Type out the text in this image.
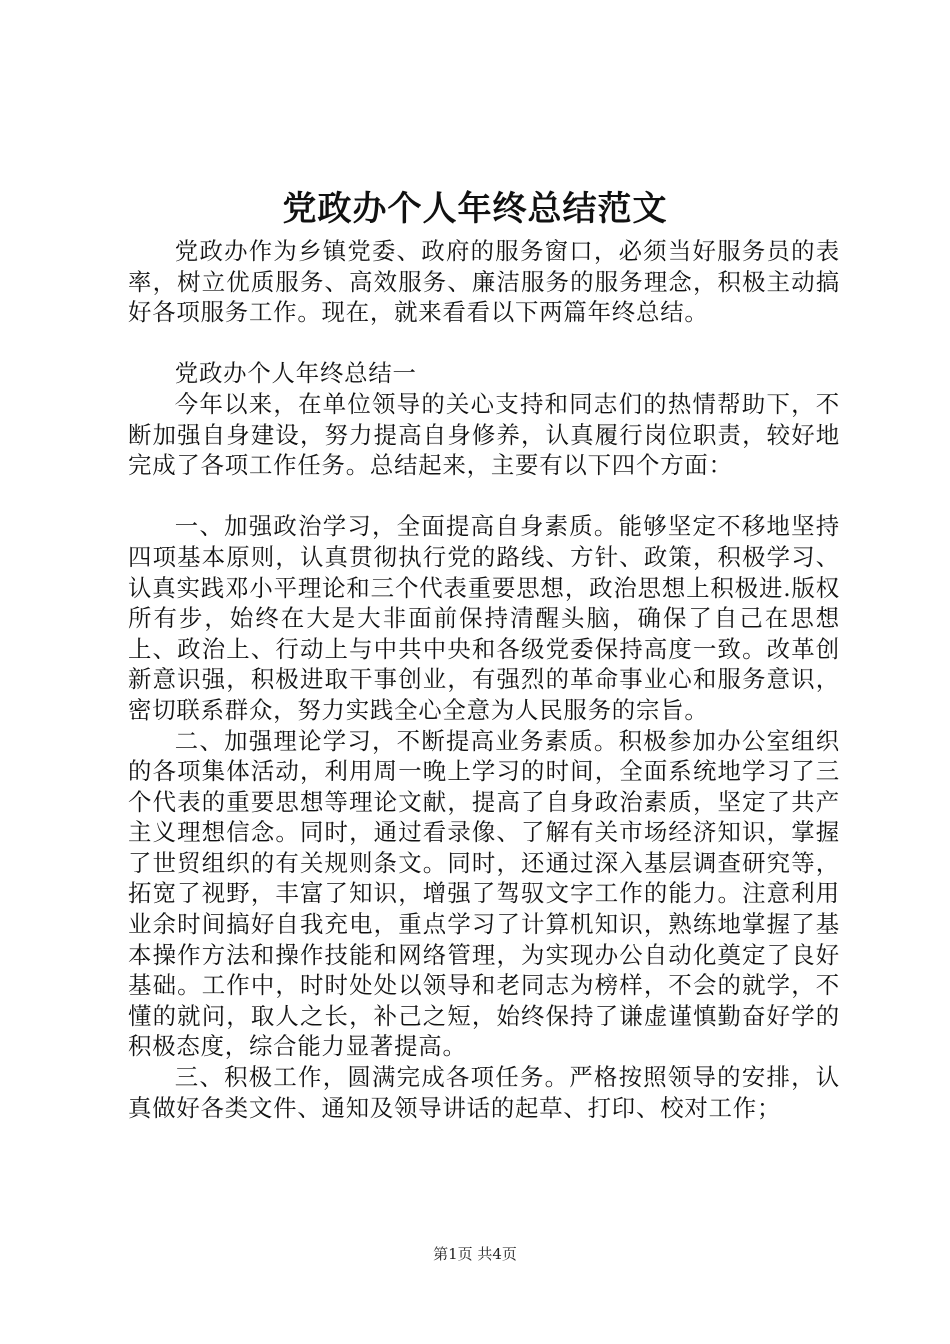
党政办个人年终总结范文

党政办作为乡镇党委、政府的服务窗口，必须当好服务员的表率，树立优质服务、高效服务、廉洁服务的服务理念，积极主动搞好各项服务工作。现在，就来看看以下两篇年终总结。

党政办个人年终总结一

今年以来，在单位领导的关心支持和同志们的热情帮助下，不断加强自身建设，努力提高自身修养，认真履行岗位职责，较好地完成了各项工作任务。总结起来，主要有以下四个方面：

一、加强政治学习，全面提高自身素质。能够坚定不移地坚持四项基本原则，认真贯彻执行党的路线、方针、政策，积极学习、认真实践邓小平理论和三个代表重要思想，政治思想上积极进.版权所有步，始终在大是大非面前保持清醒头脑，确保了自己在思想上、政治上、行动上与中共中央和各级党委保持高度一致。改革创新意识强，积极进取干事创业，有强烈的革命事业心和服务意识，密切联系群众，努力实践全心全意为人民服务的宗旨。

二、加强理论学习，不断提高业务素质。积极参加办公室组织的各项集体活动，利用周一晚上学习的时间，全面系统地学习了三个代表的重要思想等理论文献，提高了自身政治素质，坚定了共产主义理想信念。同时，通过看录像、了解有关市场经济知识，掌握了世贸组织的有关规则条文。同时，还通过深入基层调查研究等，拓宽了视野，丰富了知识，增强了驾驭文字工作的能力。注意利用业余时间搞好自我充电，重点学习了计算机知识，熟练地掌握了基本操作方法和操作技能和网络管理，为实现办公自动化奠定了良好基础。工作中，时时处处以领导和老同志为榜样，不会的就学，不懂的就问，取人之长，补己之短，始终保持了谦虚谨慎勤奋好学的积极态度，综合能力显著提高。

三、积极工作，圆满完成各项任务。严格按照领导的安排，认真做好各类文件、通知及领导讲话的起草、打印、校对工作；

第1页 共4页
